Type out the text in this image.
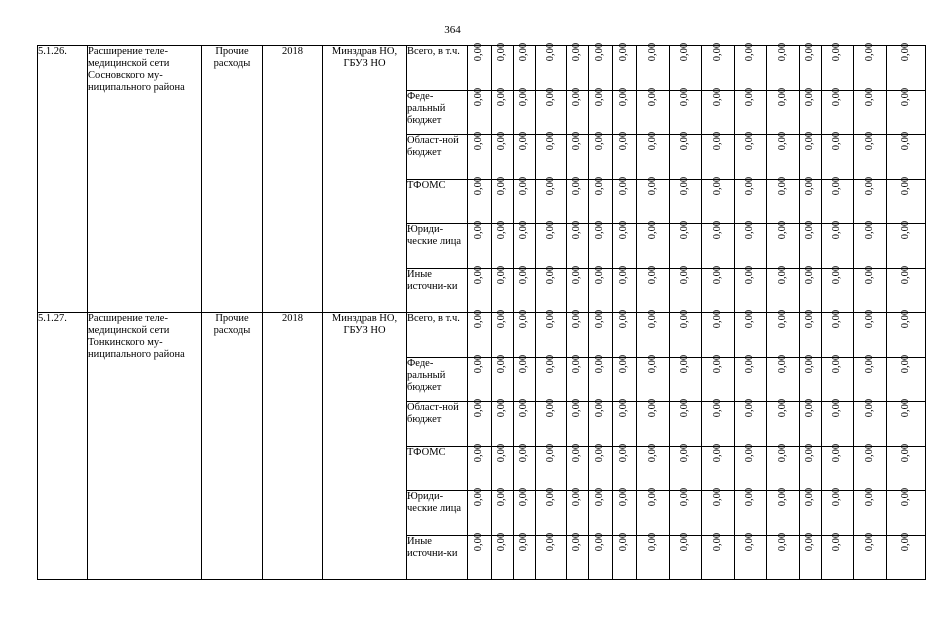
364
5.1.26.	Расширение теле-медицинской сети Сосновского му-ниципального района	Прочие расходы	2018	Минздрав НО, ГБУЗ НО	Всего, в т.ч.	0,00	0,00	0,00	0,00	0,00	0,00	0,00	0,00	0,00	0,00	0,00	0,00	0,00	0,00	0,00	0,00
					Феде-ральный бюджет	0,00	0,00	0,00	0,00	0,00	0,00	0,00	0,00	0,00	0,00	0,00	0,00	0,00	0,00	0,00	0,00
					Област-ной бюджет	0,00	0,00	0,00	0,00	0,00	0,00	0,00	0,00	0,00	0,00	0,00	0,00	0,00	0,00	0,00	0,00
					ТФОМС	0,00	0,00	0,00	0,00	0,00	0,00	0,00	0,00	0,00	0,00	0,00	0,00	0,00	0,00	0,00	0,00
					Юриди-ческие лица	0,00	0,00	0,00	0,00	0,00	0,00	0,00	0,00	0,00	0,00	0,00	0,00	0,00	0,00	0,00	0,00
					Иные источни-ки	0,00	0,00	0,00	0,00	0,00	0,00	0,00	0,00	0,00	0,00	0,00	0,00	0,00	0,00	0,00	0,00
5.1.27.	Расширение теле-медицинской сети Тонкинского му-ниципального района	Прочие расходы	2018	Минздрав НО, ГБУЗ НО	Всего, в т.ч.	0,00	0,00	0,00	0,00	0,00	0,00	0,00	0,00	0,00	0,00	0,00	0,00	0,00	0,00	0,00	0,00
					Феде-ральный бюджет	0,00	0,00	0,00	0,00	0,00	0,00	0,00	0,00	0,00	0,00	0,00	0,00	0,00	0,00	0,00	0,00
					Област-ной бюджет	0,00	0,00	0,00	0,00	0,00	0,00	0,00	0,00	0,00	0,00	0,00	0,00	0,00	0,00	0,00	0,00
					ТФОМС	0,00	0,00	0,00	0,00	0,00	0,00	0,00	0,00	0,00	0,00	0,00	0,00	0,00	0,00	0,00	0,00
					Юриди-ческие лица	0,00	0,00	0,00	0,00	0,00	0,00	0,00	0,00	0,00	0,00	0,00	0,00	0,00	0,00	0,00	0,00
					Иные источни-ки	0,00	0,00	0,00	0,00	0,00	0,00	0,00	0,00	0,00	0,00	0,00	0,00	0,00	0,00	0,00	0,00
